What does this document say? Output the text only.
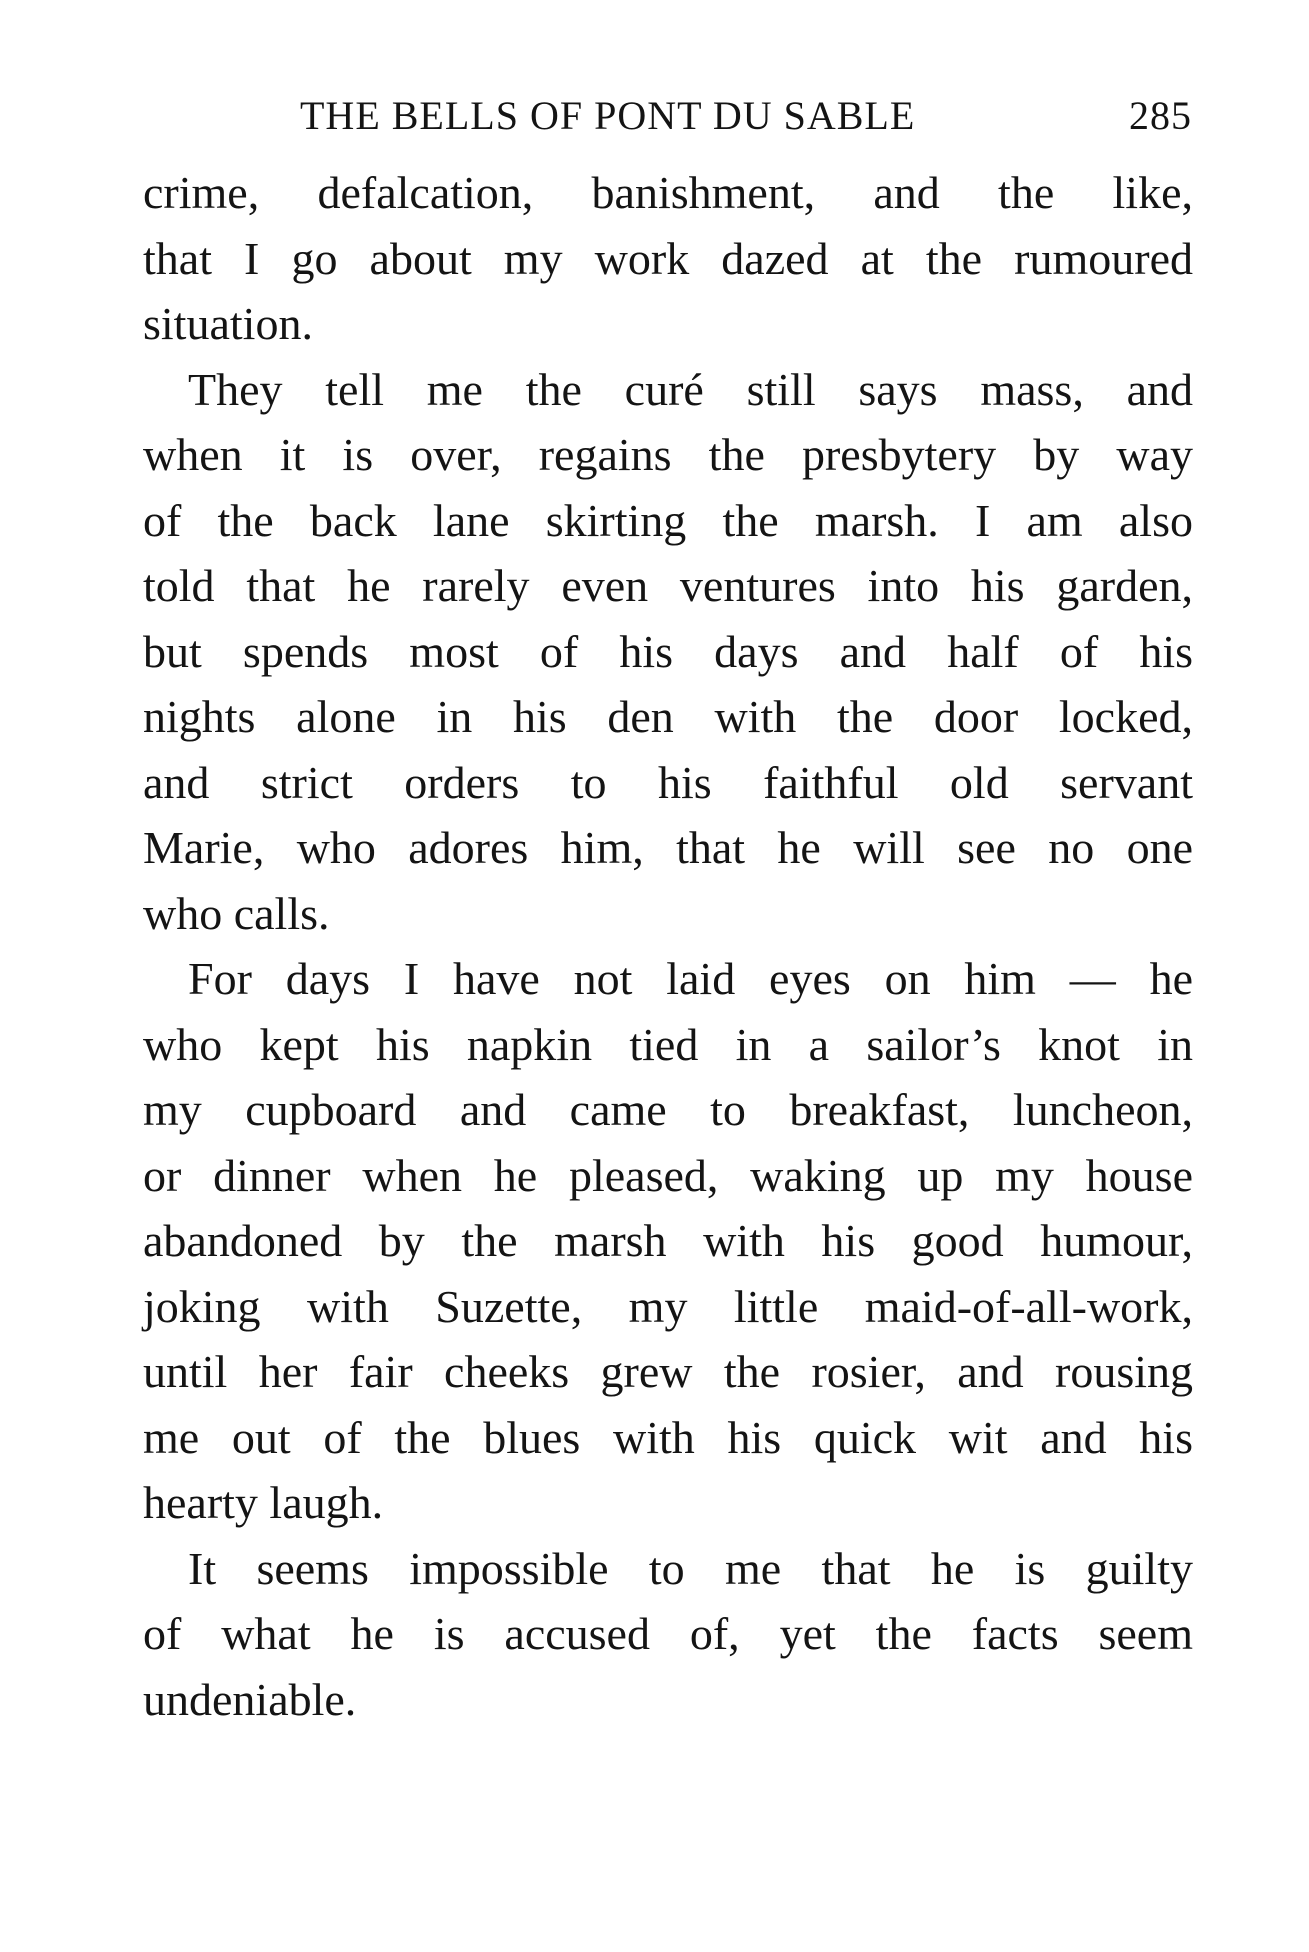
THE BELLS OF PONT DU SABLE	285

crime, defalcation, banishment, and the like,
that I go about my work dazed at the rumoured
situation.

They tell me the curé still says mass, and
when it is over, regains the presbytery by way
of the back lane skirting the marsh. I am also
told that he rarely even ventures into his garden,
but spends most of his days and half of his
nights alone in his den with the door locked,
and strict orders to his faithful old servant
Marie, who adores him, that he will see no one
who calls.

For days I have not laid eyes on him — he
who kept his napkin tied in a sailor’s knot in
my cupboard and came to breakfast, luncheon,
or dinner when he pleased, waking up my house
abandoned by the marsh with his good humour,
joking with Suzette, my little maid-of-all-work,
until her fair cheeks grew the rosier, and rousing
me out of the blues with his quick wit and his
hearty laugh.

It seems impossible to me that he is guilty
of what he is accused of, yet the facts seem
undeniable.
